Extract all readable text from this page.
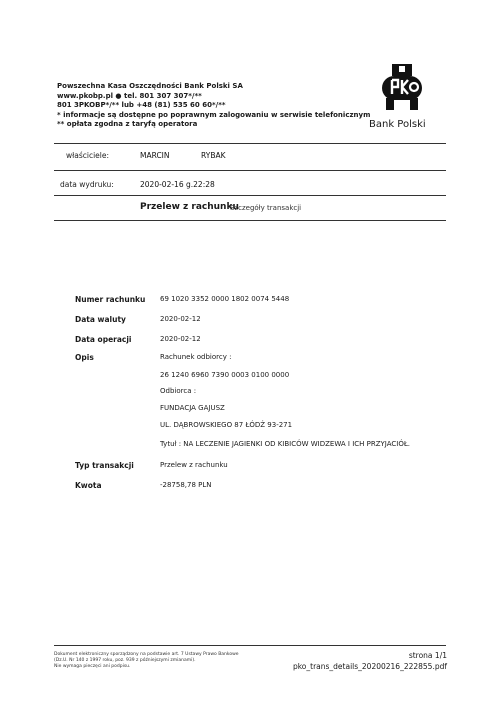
Powszechna Kasa Oszczędności Bank Polski SA
www.pkobp.pl ● tel. 801 307 307*/**
801 3PKOBP*/** lub +48 (81) 535 60 60*/**
* informacje są dostępne po poprawnym zalogowaniu w serwisie telefonicznym
** opłata zgodna z taryfą operatora	Bank Polski
właściciele:	MARCIN	RYBAK
data wydruku:	2020-02-16 g.22:28
Przelew z rachunku
Szczegóły transakcji
Numer rachunku 69 1020 3352 0000 1802 0074 5448
Data waluty	2020-02-12
Data operacji	2020-02-12
Opis	Rachunek odbiorcy :
26 1240 6960 7390 0003 0100 0000
Odbiorca :
FUNDACJA GAJUSZ
UL. DĄBROWSKIEGO 87 ŁÓDŹ 93-271
Tytuł : NA LECZENIE JAGIENKI OD KIBICÓW WIDZEWA I ICH PRZYJACIÓŁ.
Typ transakcji	Przelew z rachunku
Kwota	-28758,78 PLN
Dokument elektroniczny sporządzony na podstawie art. 7 Ustawy Prawo Bankowe
(Dz.U. Nr 140 z 1997 roku, poz. 939 z późniejszymi zmianami).
Nie wymaga pieczęci ani podpisu.
strona 1/1
pko_trans_details_20200216_222855.pdf
